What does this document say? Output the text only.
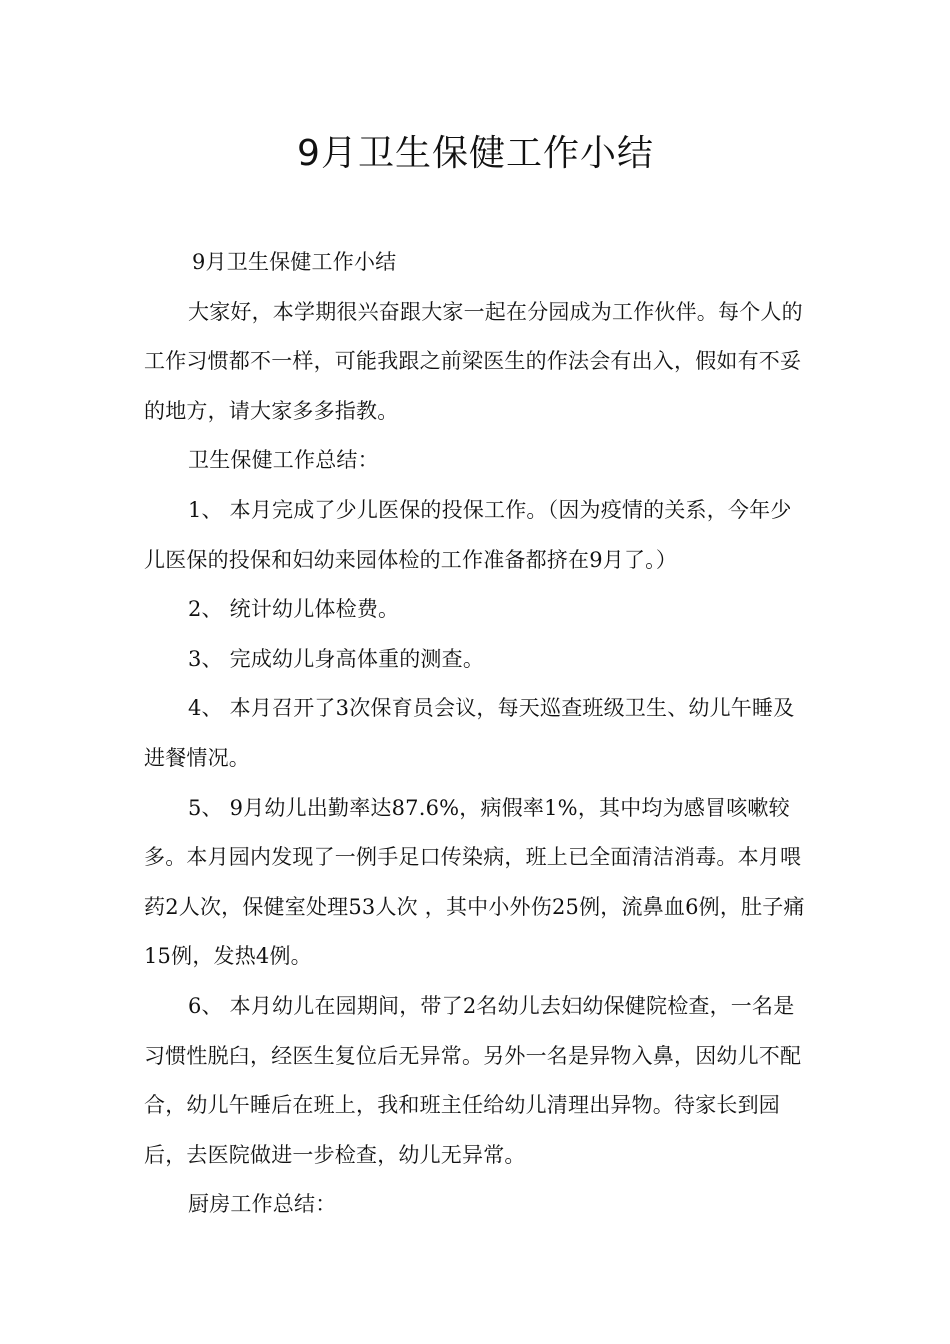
9月卫生保健工作小结

9月卫生保健工作小结

大家好，本学期很兴奋跟大家一起在分园成为工作伙伴。每个人的工作习惯都不一样，可能我跟之前梁医生的作法会有出入，假如有不妥的地方，请大家多多指教。

卫生保健工作总结：

1、 本月完成了少儿医保的投保工作。（因为疫情的关系，今年少儿医保的投保和妇幼来园体检的工作准备都挤在9月了。）

2、 统计幼儿体检费。

3、 完成幼儿身高体重的测查。

4、 本月召开了3次保育员会议，每天巡查班级卫生、幼儿午睡及进餐情况。

5、 9月幼儿出勤率达87.6%，病假率1%，其中均为感冒咳嗽较多。本月园内发现了一例手足口传染病，班上已全面清洁消毒。本月喂药2人次，保健室处理53人次 ，其中小外伤25例，流鼻血6例，肚子痛15例，发热4例。

6、 本月幼儿在园期间，带了2名幼儿去妇幼保健院检查，一名是习惯性脱臼，经医生复位后无异常。另外一名是异物入鼻，因幼儿不配合，幼儿午睡后在班上，我和班主任给幼儿清理出异物。待家长到园后，去医院做进一步检查，幼儿无异常。

厨房工作总结：
